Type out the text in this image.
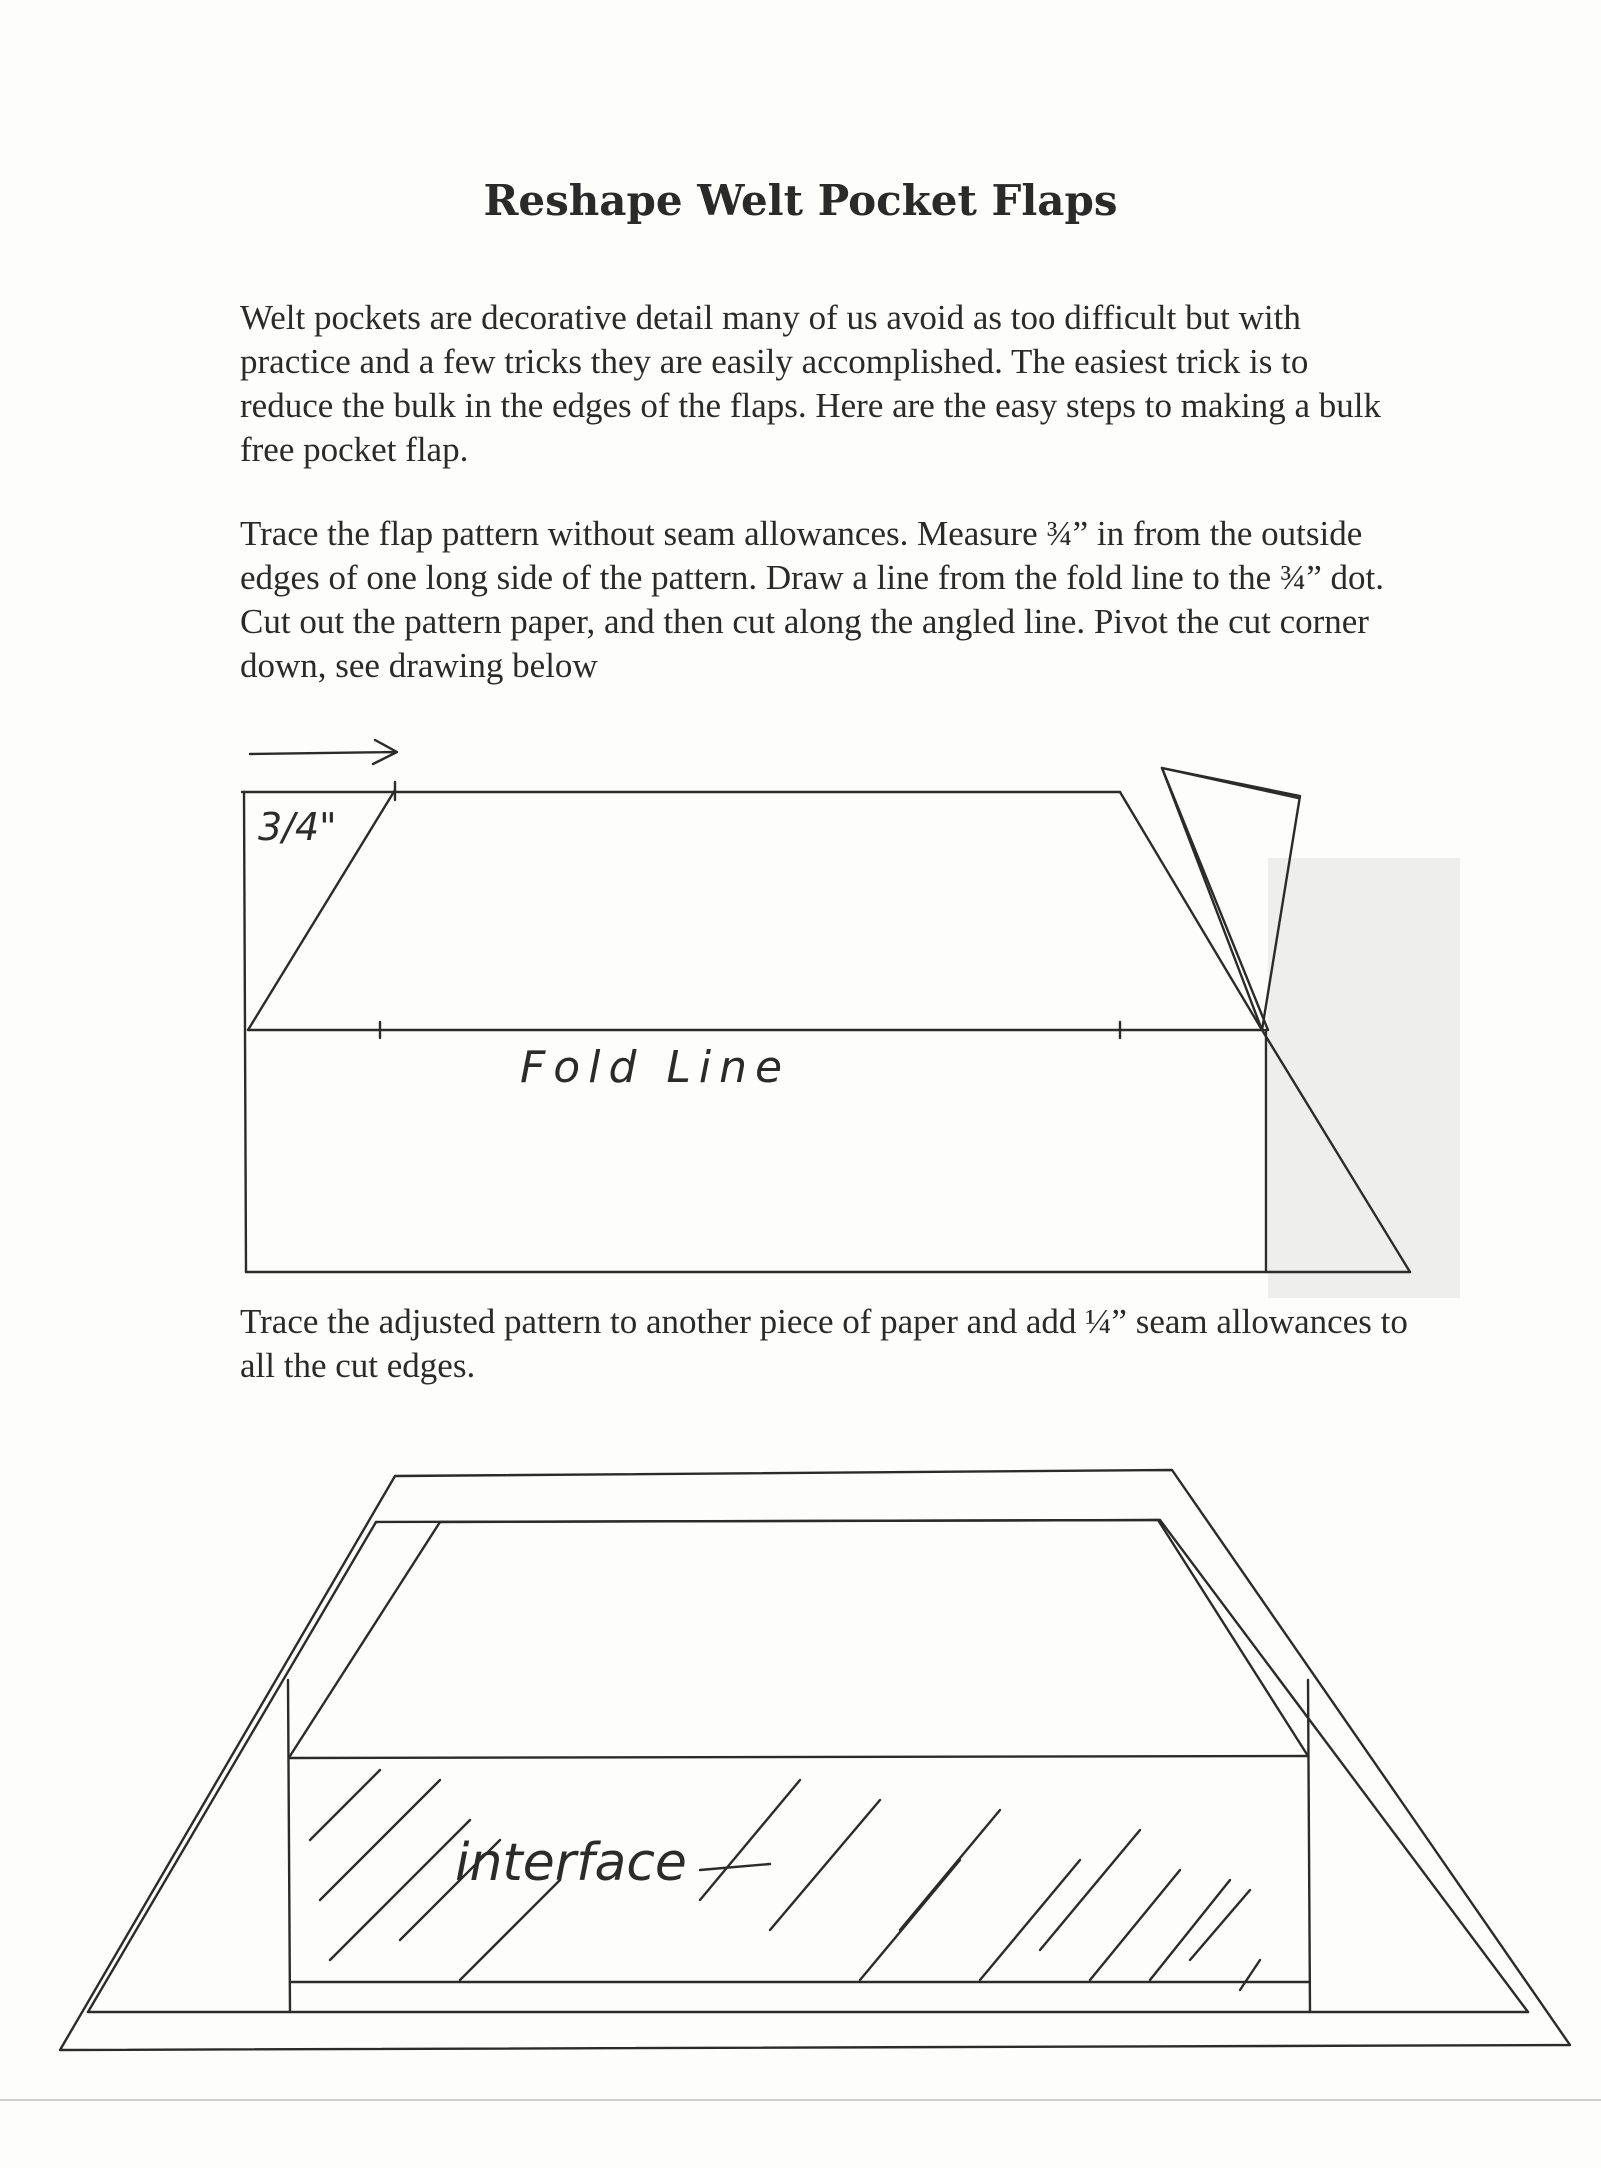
Reshape Welt Pocket Flaps

Welt pockets are decorative detail many of us avoid as too difficult but with practice and a few tricks they are easily accomplished. The easiest trick is to reduce the bulk in the edges of the flaps. Here are the easy steps to making a bulk free pocket flap.

Trace the flap pattern without seam allowances. Measure ¾” in from the outside edges of one long side of the pattern. Draw a line from the fold line to the ¾” dot. Cut out the pattern paper, and then cut along the angled line. Pivot the cut corner down, see drawing below

Trace the adjusted pattern to another piece of paper and add ¼” seam allowances to all the cut edges.

3/4"
Fold Line
interface
